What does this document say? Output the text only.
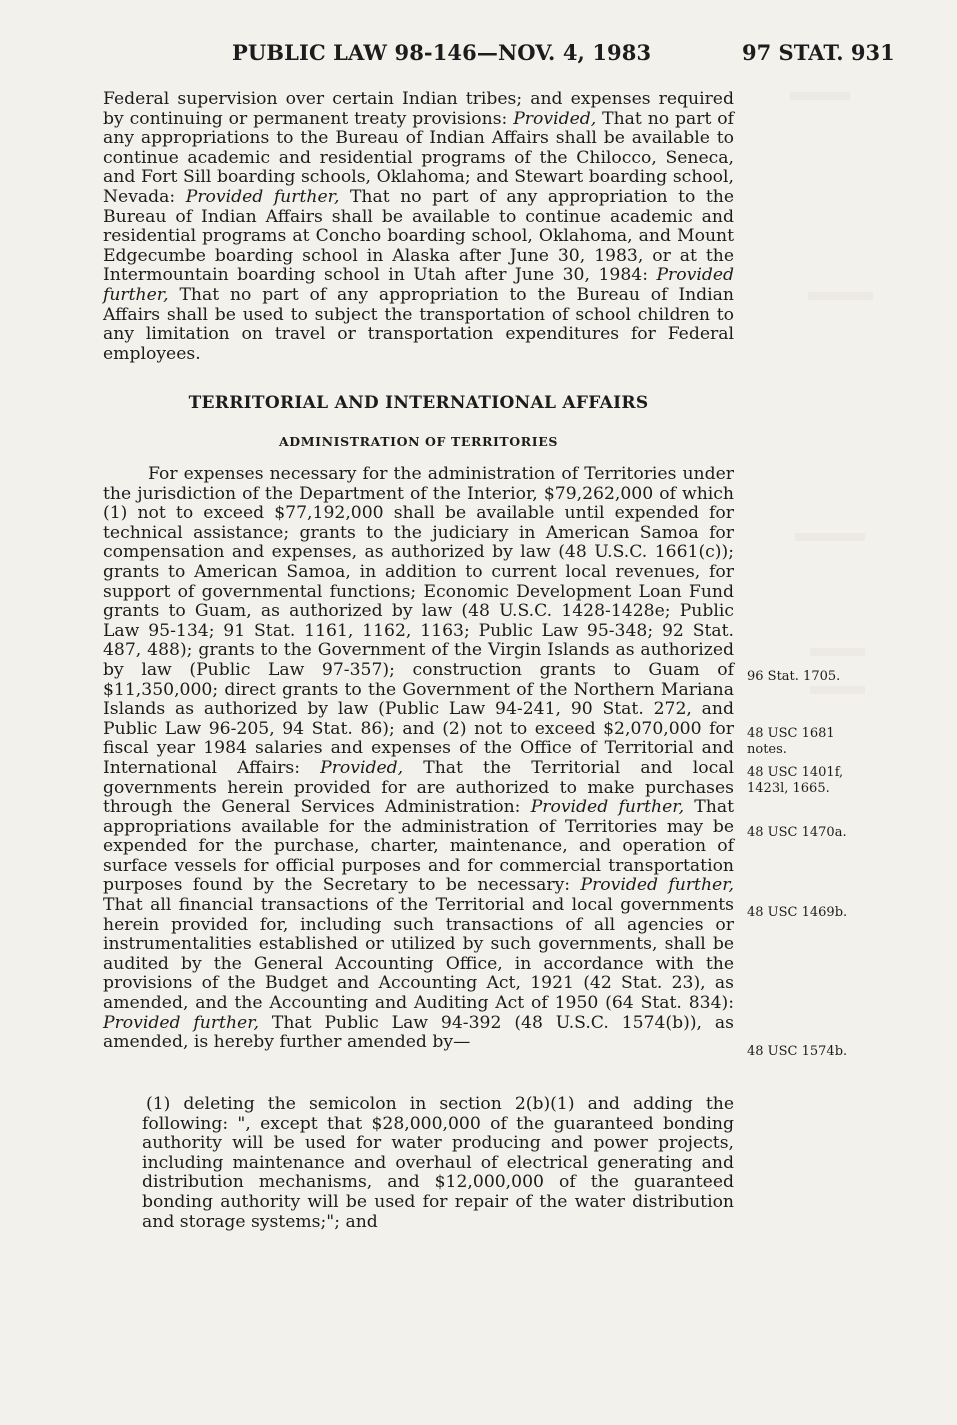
PUBLIC LAW 98-146—NOV. 4, 1983	97 STAT. 931

Federal supervision over certain Indian tribes; and expenses required by continuing or permanent treaty provisions: Provided, That no part of any appropriations to the Bureau of Indian Affairs shall be available to continue academic and residential programs of the Chilocco, Seneca, and Fort Sill boarding schools, Oklahoma; and Stewart boarding school, Nevada: Provided further, That no part of any appropriation to the Bureau of Indian Affairs shall be available to continue academic and residential programs at Concho boarding school, Oklahoma, and Mount Edgecumbe boarding school in Alaska after June 30, 1983, or at the Intermountain boarding school in Utah after June 30, 1984: Provided further, That no part of any appropriation to the Bureau of Indian Affairs shall be used to subject the transportation of school children to any limitation on travel or transportation expenditures for Federal employees.

TERRITORIAL AND INTERNATIONAL AFFAIRS
ADMINISTRATION OF TERRITORIES

For expenses necessary for the administration of Territories under the jurisdiction of the Department of the Interior, $79,262,000 of which (1) not to exceed $77,192,000 shall be available until expended for technical assistance; grants to the judiciary in American Samoa for compensation and expenses, as authorized by law (48 U.S.C. 1661(c)); grants to American Samoa, in addition to current local revenues, for support of governmental functions; Economic Development Loan Fund grants to Guam, as authorized by law (48 U.S.C. 1428-1428e; Public Law 95-134; 91 Stat. 1161, 1162, 1163; Public Law 95-348; 92 Stat. 487, 488); grants to the Government of the Virgin Islands as authorized by law (Public Law 97-357); construction grants to Guam of $11,350,000; direct grants to the Government of the Northern Mariana Islands as authorized by law (Public Law 94-241, 90 Stat. 272, and Public Law 96-205, 94 Stat. 86); and (2) not to exceed $2,070,000 for fiscal year 1984 salaries and expenses of the Office of Territorial and International Affairs: Provided, That the Territorial and local governments herein provided for are authorized to make purchases through the General Services Administration: Provided further, That appropriations available for the administration of Territories may be expended for the purchase, charter, maintenance, and operation of surface vessels for official purposes and for commercial transportation purposes found by the Secretary to be necessary: Provided further, That all financial transactions of the Territorial and local governments herein provided for, including such transactions of all agencies or instrumentalities established or utilized by such governments, shall be audited by the General Accounting Office, in accordance with the provisions of the Budget and Accounting Act, 1921 (42 Stat. 23), as amended, and the Accounting and Auditing Act of 1950 (64 Stat. 834): Provided further, That Public Law 94-392 (48 U.S.C. 1574(b)), as amended, is hereby further amended by—

(1) deleting the semicolon in section 2(b)(1) and adding the following: ", except that $28,000,000 of the guaranteed bonding authority will be used for water producing and power projects, including maintenance and overhaul of electrical generating and distribution mechanisms, and $12,000,000 of the guaranteed bonding authority will be used for repair of the water distribution and storage systems;"; and
96 Stat. 1705.
48 USC 1681
notes.
48 USC 1401f,
1423l, 1665.
48 USC 1470a.
48 USC 1469b.
48 USC 1574b.
